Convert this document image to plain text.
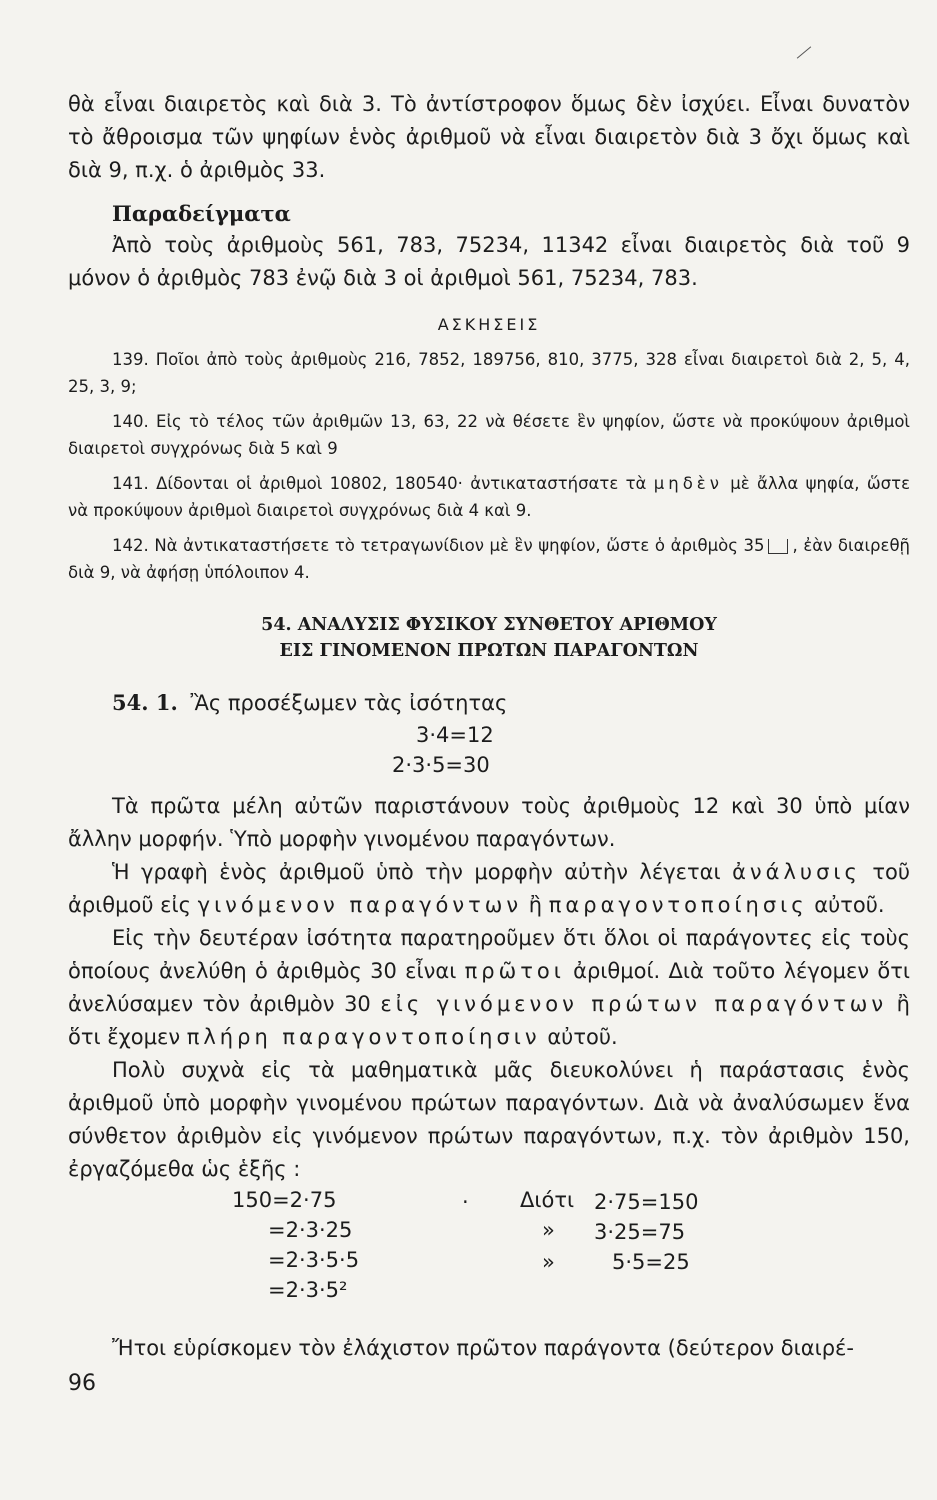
θὰ εἶναι διαιρετὸς καὶ διὰ 3. Τὸ ἀντίστροφον ὅμως δὲν ἰσχύει. Εἶναι δυνατὸν τὸ ἄθροισμα τῶν ψηφίων ἑνὸς ἀριθμοῦ νὰ εἶναι διαιρετὸν διὰ 3 ὄχι ὅμως καὶ διὰ 9, π.χ. ὁ ἀριθμὸς 33.

Παραδείγματα

Ἀπὸ τοὺς ἀριθμοὺς 561, 783, 75234, 11342 εἶναι διαιρετὸς διὰ τοῦ 9 μόνον ὁ ἀριθμὸς 783 ἐνῷ διὰ 3 οἱ ἀριθμοὶ 561, 75234, 783.

ΑΣΚΗΣΕΙΣ

139. Ποῖοι ἀπὸ τοὺς ἀριθμοὺς 216, 7852, 189756, 810, 3775, 328 εἶναι διαιρετοὶ διὰ 2, 5, 4, 25, 3, 9;

140. Εἰς τὸ τέλος τῶν ἀριθμῶν 13, 63, 22 νὰ θέσετε ἓν ψηφίον, ὥστε νὰ προκύψουν ἀριθμοὶ διαιρετοὶ συγχρόνως διὰ 5 καὶ 9

141. Δίδονται οἱ ἀριθμοὶ 10802, 180540· ἀντικαταστήσατε τὰ μηδὲν μὲ ἄλλα ψηφία, ὥστε νὰ προκύψουν ἀριθμοὶ διαιρετοὶ συγχρόνως διὰ 4 καὶ 9.

142. Νὰ ἀντικαταστήσετε τὸ τετραγωνίδιον μὲ ἓν ψηφίον, ὥστε ὁ ἀριθμὸς 35 , ἐὰν διαιρεθῇ διὰ 9, νὰ ἀφήσῃ ὑπόλοιπον 4.

54. ΑΝΑΛΥΣΙΣ ΦΥΣΙΚΟΥ ΣΥΝΘΕΤΟΥ ΑΡΙΘΜΟΥ
ΕΙΣ ΓΙΝΟΜΕΝΟΝ ΠΡΩΤΩΝ ΠΑΡΑΓΟΝΤΩΝ

54. 1. Ἂς προσέξωμεν τὰς ἰσότητας

3·4=12

2·3·5=30

Τὰ πρῶτα μέλη αὐτῶν παριστάνουν τοὺς ἀριθμοὺς 12 καὶ 30 ὑπὸ μίαν ἄλλην μορφήν. Ὑπὸ μορφὴν γινομένου παραγόντων.

Ἡ γραφὴ ἑνὸς ἀριθμοῦ ὑπὸ τὴν μορφὴν αὐτὴν λέγεται ἀνάλυσις τοῦ ἀριθμοῦ εἰς γινόμενον παραγόντων ἢ παραγοντοποίησις αὐτοῦ.

Εἰς τὴν δευτέραν ἰσότητα παρατηροῦμεν ὅτι ὅλοι οἱ παράγοντες εἰς τοὺς ὁποίους ἀνελύθη ὁ ἀριθμὸς 30 εἶναι πρῶτοι ἀριθμοί. Διὰ τοῦτο λέγομεν ὅτι ἀνελύσαμεν τὸν ἀριθμὸν 30 εἰς γινόμενον πρώτων παραγόντων ἢ ὅτι ἔχομεν πλήρη παραγοντοποίησιν αὐτοῦ.

Πολὺ συχνὰ εἰς τὰ μαθηματικὰ μᾶς διευκολύνει ἡ παράστασις ἑνὸς ἀριθμοῦ ὑπὸ μορφὴν γινομένου πρώτων παραγόντων. Διὰ νὰ ἀναλύσωμεν ἕνα σύνθετον ἀριθμὸν εἰς γινόμενον πρώτων παραγόντων, π.χ. τὸν ἀριθμὸν 150, ἐργαζόμεθα ὡς ἑξῆς :

150=2·75	. Διότι 2·75=150
=2·3·25	» 3·25=75
=2·3·5·5	»	5·5=25
=2·3·5²

Ἤτοι εὑρίσκομεν τὸν ἐλάχιστον πρῶτον παράγοντα (δεύτερον διαιρέ-

96
